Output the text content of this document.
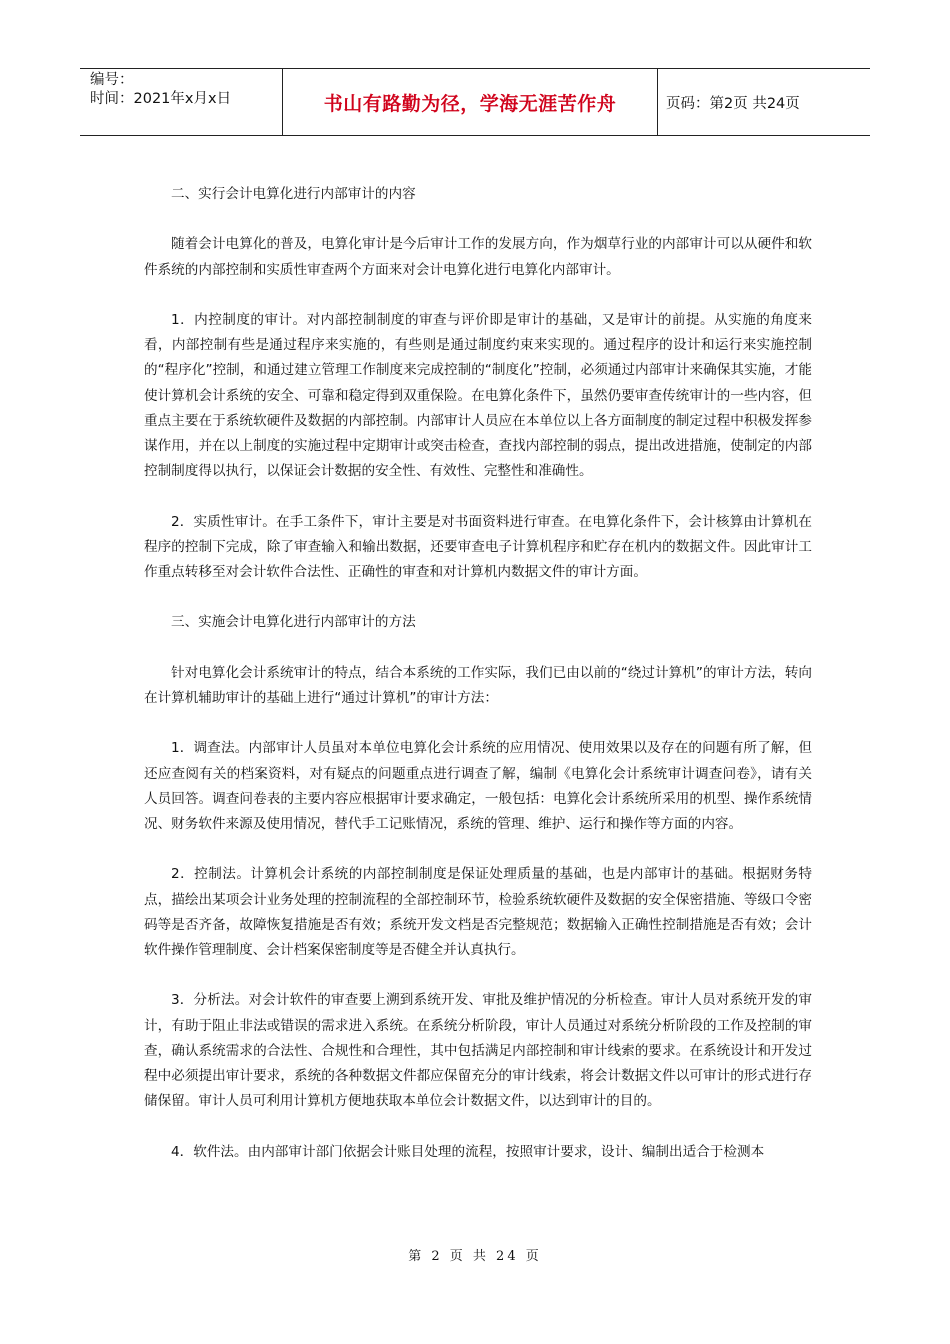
编号：
时间：2021年x月x日	书山有路勤为径，学海无涯苦作舟	页码：第2页 共24页

二、实行会计电算化进行内部审计的内容

随着会计电算化的普及，电算化审计是今后审计工作的发展方向，作为烟草行业的内部审计可以从硬件和软件系统的内部控制和实质性审查两个方面来对会计电算化进行电算化内部审计。

1．内控制度的审计。对内部控制制度的审查与评价即是审计的基础，又是审计的前提。从实施的角度来看，内部控制有些是通过程序来实施的，有些则是通过制度约束来实现的。通过程序的设计和运行来实施控制的“程序化”控制，和通过建立管理工作制度来完成控制的“制度化”控制，必须通过内部审计来确保其实施，才能使计算机会计系统的安全、可靠和稳定得到双重保险。在电算化条件下，虽然仍要审查传统审计的一些内容，但重点主要在于系统软硬件及数据的内部控制。内部审计人员应在本单位以上各方面制度的制定过程中积极发挥参谋作用，并在以上制度的实施过程中定期审计或突击检查，查找内部控制的弱点，提出改进措施，使制定的内部控制制度得以执行，以保证会计数据的安全性、有效性、完整性和准确性。

2．实质性审计。在手工条件下，审计主要是对书面资料进行审查。在电算化条件下，会计核算由计算机在程序的控制下完成，除了审查输入和输出数据，还要审查电子计算机程序和贮存在机内的数据文件。因此审计工作重点转移至对会计软件合法性、正确性的审查和对计算机内数据文件的审计方面。

三、实施会计电算化进行内部审计的方法

针对电算化会计系统审计的特点，结合本系统的工作实际，我们已由以前的“绕过计算机”的审计方法，转向在计算机辅助审计的基础上进行“通过计算机”的审计方法：

1．调查法。内部审计人员虽对本单位电算化会计系统的应用情况、使用效果以及存在的问题有所了解，但还应查阅有关的档案资料，对有疑点的问题重点进行调查了解，编制《电算化会计系统审计调查问卷》，请有关人员回答。调查问卷表的主要内容应根据审计要求确定，一般包括：电算化会计系统所采用的机型、操作系统情况、财务软件来源及使用情况，替代手工记账情况，系统的管理、维护、运行和操作等方面的内容。

2．控制法。计算机会计系统的内部控制制度是保证处理质量的基础，也是内部审计的基础。根据财务特点，描绘出某项会计业务处理的控制流程的全部控制环节，检验系统软硬件及数据的安全保密措施、等级口令密码等是否齐备，故障恢复措施是否有效；系统开发文档是否完整规范；数据输入正确性控制措施是否有效；会计软件操作管理制度、会计档案保密制度等是否健全并认真执行。

3．分析法。对会计软件的审查要上溯到系统开发、审批及维护情况的分析检查。审计人员对系统开发的审计，有助于阻止非法或错误的需求进入系统。在系统分析阶段，审计人员通过对系统分析阶段的工作及控制的审查，确认系统需求的合法性、合规性和合理性，其中包括满足内部控制和审计线索的要求。在系统设计和开发过程中必须提出审计要求，系统的各种数据文件都应保留充分的审计线索，将会计数据文件以可审计的形式进行存储保留。审计人员可利用计算机方便地获取本单位会计数据文件，以达到审计的目的。

4．软件法。由内部审计部门依据会计账目处理的流程，按照审计要求，设计、编制出适合于检测本

第 2 页 共 24 页
